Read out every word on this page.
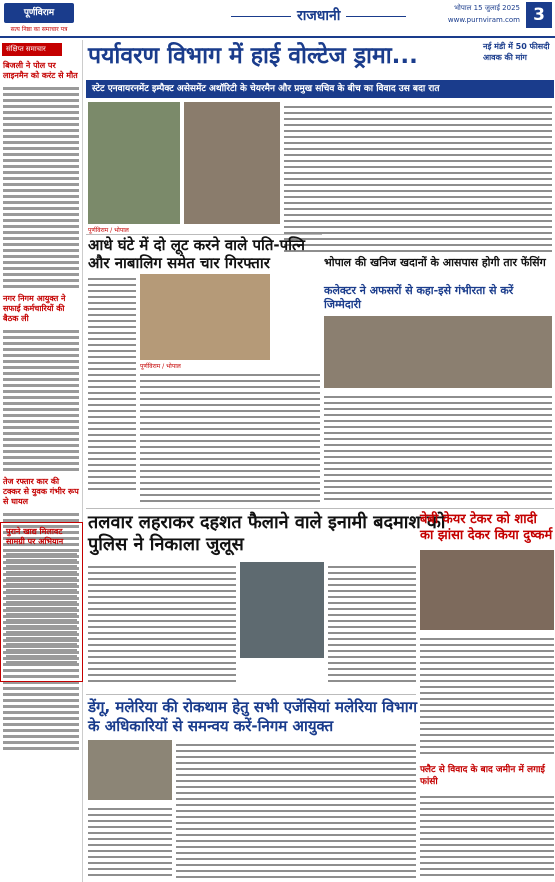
पूर्णविराम
सत्य निष्ठा का समाचार पत्र
राजधानी	भोपाल 15 जुलाई 2025
www.purnviram.com 3
संक्षिप्त समाचार
बिजली ने पोल पर लाइनमैन को करंट से मौत
नगर निगम आयुक्त ने सफाई कर्मचारियों की बैठक ली
तेज रफ्तार कार की टक्कर से युवक गंभीर रूप से घायल
नई मंडी में 50 फीसदी आवक की मांग
पर्यावरण विभाग में हाई वोल्टेज ड्रामा...
स्टेट एनवायरनमेंट इम्पैक्ट असेसमेंट अथॉरिटी के चेयरमैन और प्रमुख सचिव के बीच का विवाद उस बदा रात
पूर्णविराम / भोपाल
आधे घंटे में दो लूट करने वाले पति-पत्नि और नाबालिग समेत चार गिरफ्तार
पूर्णविराम / भोपाल
भोपाल की खनिज खदानों के आसपास होगी तार फेंसिंग
कलेक्टर ने अफसरों से कहा-इसे गंभीरता से करें जिम्मेदारी
पुराने खाद्य मिलावट सामग्री पर अभियान
तलवार लहराकर दहशत फैलाने वाले इनामी बदमाश को पुलिस ने निकाला जुलूस
बेबी केयर टेकर को शादी का झांसा देकर किया दुष्कर्म
डेंगू, मलेरिया की रोकथाम हेतु सभी एजेंसियां मलेरिया विभाग के अधिकारियों से समन्वय करें-निगम आयुक्त
फ्लैट से विवाद के बाद जमीन में लगाई फांसी
